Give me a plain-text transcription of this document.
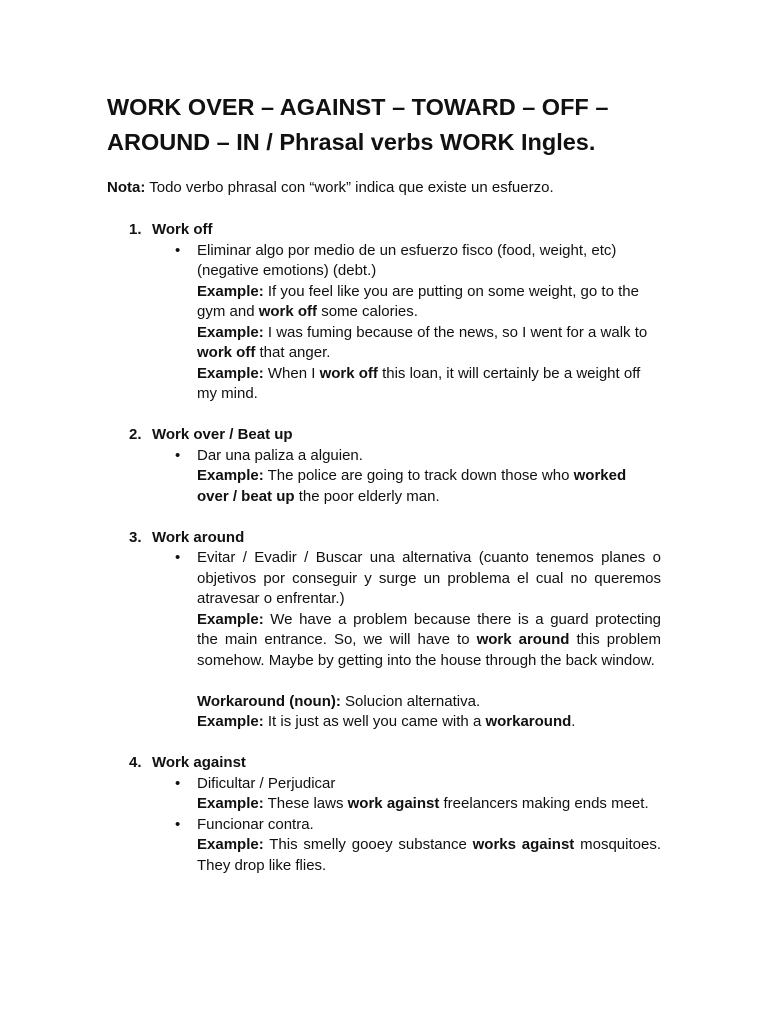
WORK OVER – AGAINST – TOWARD – OFF – AROUND – IN / Phrasal verbs WORK Ingles.

Nota: Todo verbo phrasal con “work” indica que existe un esfuerzo.

1. Work off
• Eliminar algo por medio de un esfuerzo fisco (food, weight, etc) (negative emotions) (debt.)
Example: If you feel like you are putting on some weight, go to the gym and work off some calories.
Example: I was fuming because of the news, so I went for a walk to work off that anger.
Example: When I work off this loan, it will certainly be a weight off my mind.
2. Work over / Beat up
• Dar una paliza a alguien.
Example: The police are going to track down those who worked over / beat up the poor elderly man.
3. Work around
• Evitar / Evadir / Buscar una alternativa (cuanto tenemos planes o objetivos por conseguir y surge un problema el cual no queremos atravesar o enfrentar.)
Example: We have a problem because there is a guard protecting the main entrance. So, we will have to work around this problem somehow. Maybe by getting into the house through the back window.
Workaround (noun): Solucion alternativa.
Example: It is just as well you came with a workaround.
4. Work against
• Dificultar / Perjudicar
Example: These laws work against freelancers making ends meet.
• Funcionar contra.
Example: This smelly gooey substance works against mosquitoes. They drop like flies.
